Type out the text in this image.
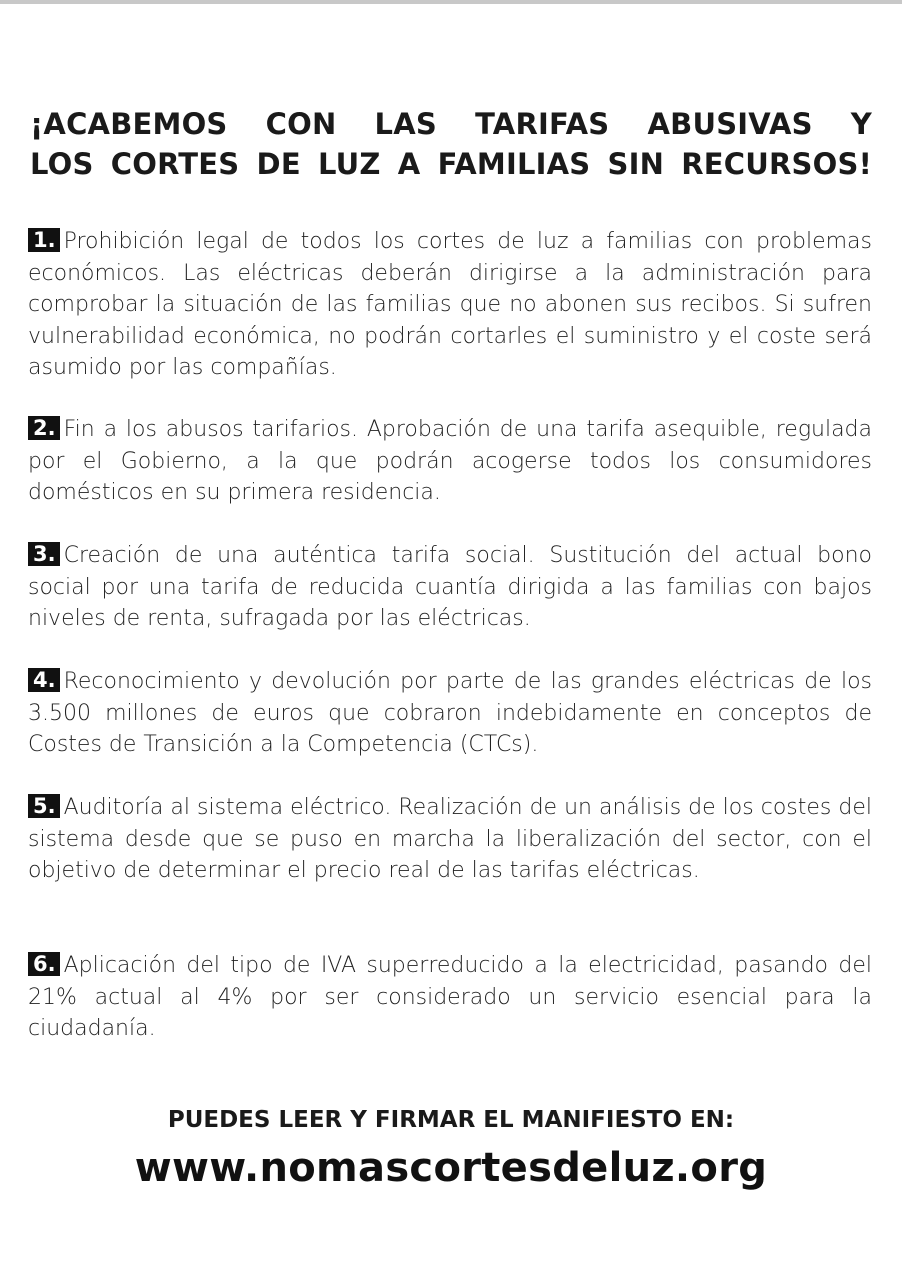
¡ACABEMOS CON LAS TARIFAS ABUSIVAS Y
LOS CORTES DE LUZ A FAMILIAS SIN RECURSOS!
1. Prohibición legal de todos los cortes de luz a familias con problemas económicos. Las eléctricas deberán dirigirse a la administración para comprobar la situación de las familias que no abonen sus recibos. Si sufren vulnerabilidad económica, no podrán cortarles el suministro y el coste será asumido por las compañías.
2. Fin a los abusos tarifarios. Aprobación de una tarifa asequible, regulada por el Gobierno, a la que podrán acogerse todos los consumidores domésticos en su primera residencia.
3. Creación de una auténtica tarifa social. Sustitución del actual bono social por una tarifa de reducida cuantía dirigida a las familias con bajos niveles de renta, sufragada por las eléctricas.
4. Reconocimiento y devolución por parte de las grandes eléctricas de los 3.500 millones de euros que cobraron indebidamente en conceptos de Costes de Transición a la Competencia (CTCs).
5. Auditoría al sistema eléctrico. Realización de un análisis de los costes del sistema desde que se puso en marcha la liberalización del sector, con el objetivo de determinar el precio real de las tarifas eléctricas.
6. Aplicación del tipo de IVA superreducido a la electricidad, pasando del 21% actual al 4% por ser considerado un servicio esencial para la ciudadanía.
PUEDES LEER Y FIRMAR EL MANIFIESTO EN:
www.nomascortesdeluz.org
